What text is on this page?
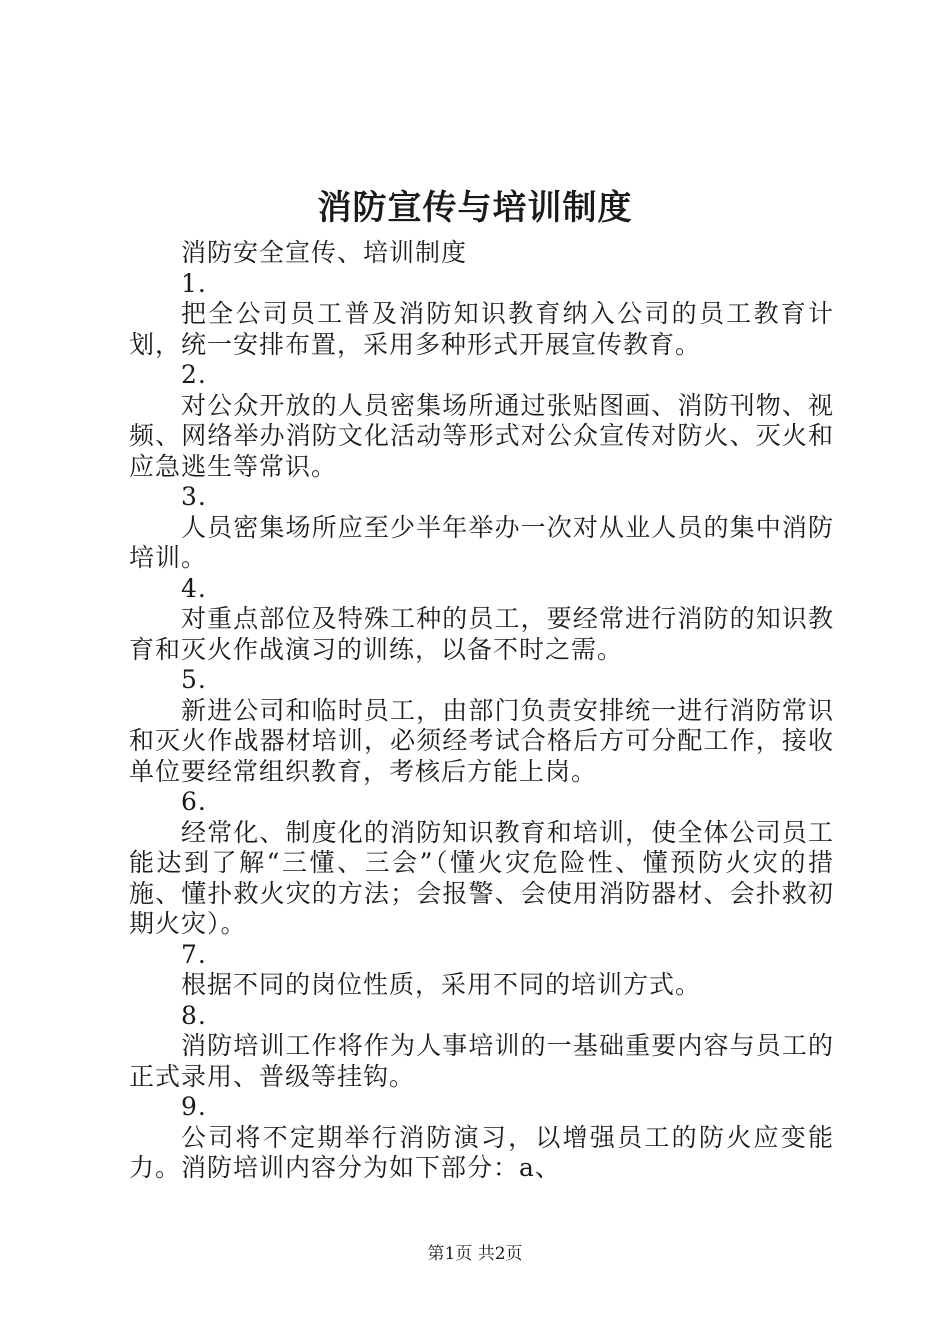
消防宣传与培训制度

消防安全宣传、培训制度

1.

把全公司员工普及消防知识教育纳入公司的员工教育计划，统一安排布置，采用多种形式开展宣传教育。

2.

对公众开放的人员密集场所通过张贴图画、消防刊物、视频、网络举办消防文化活动等形式对公众宣传对防火、灭火和应急逃生等常识。

3.

人员密集场所应至少半年举办一次对从业人员的集中消防培训。

4.

对重点部位及特殊工种的员工，要经常进行消防的知识教育和灭火作战演习的训练，以备不时之需。

5.

新进公司和临时员工，由部门负责安排统一进行消防常识和灭火作战器材培训，必须经考试合格后方可分配工作，接收单位要经常组织教育，考核后方能上岗。

6.

经常化、制度化的消防知识教育和培训，使全体公司员工能达到了解“三懂、三会”（懂火灾危险性、懂预防火灾的措施、懂扑救火灾的方法；会报警、会使用消防器材、会扑救初期火灾）。

7.

根据不同的岗位性质，采用不同的培训方式。

8.

消防培训工作将作为人事培训的一基础重要内容与员工的正式录用、普级等挂钩。

9.

公司将不定期举行消防演习，以增强员工的防火应变能力。消防培训内容分为如下部分：a、

第1页 共2页
